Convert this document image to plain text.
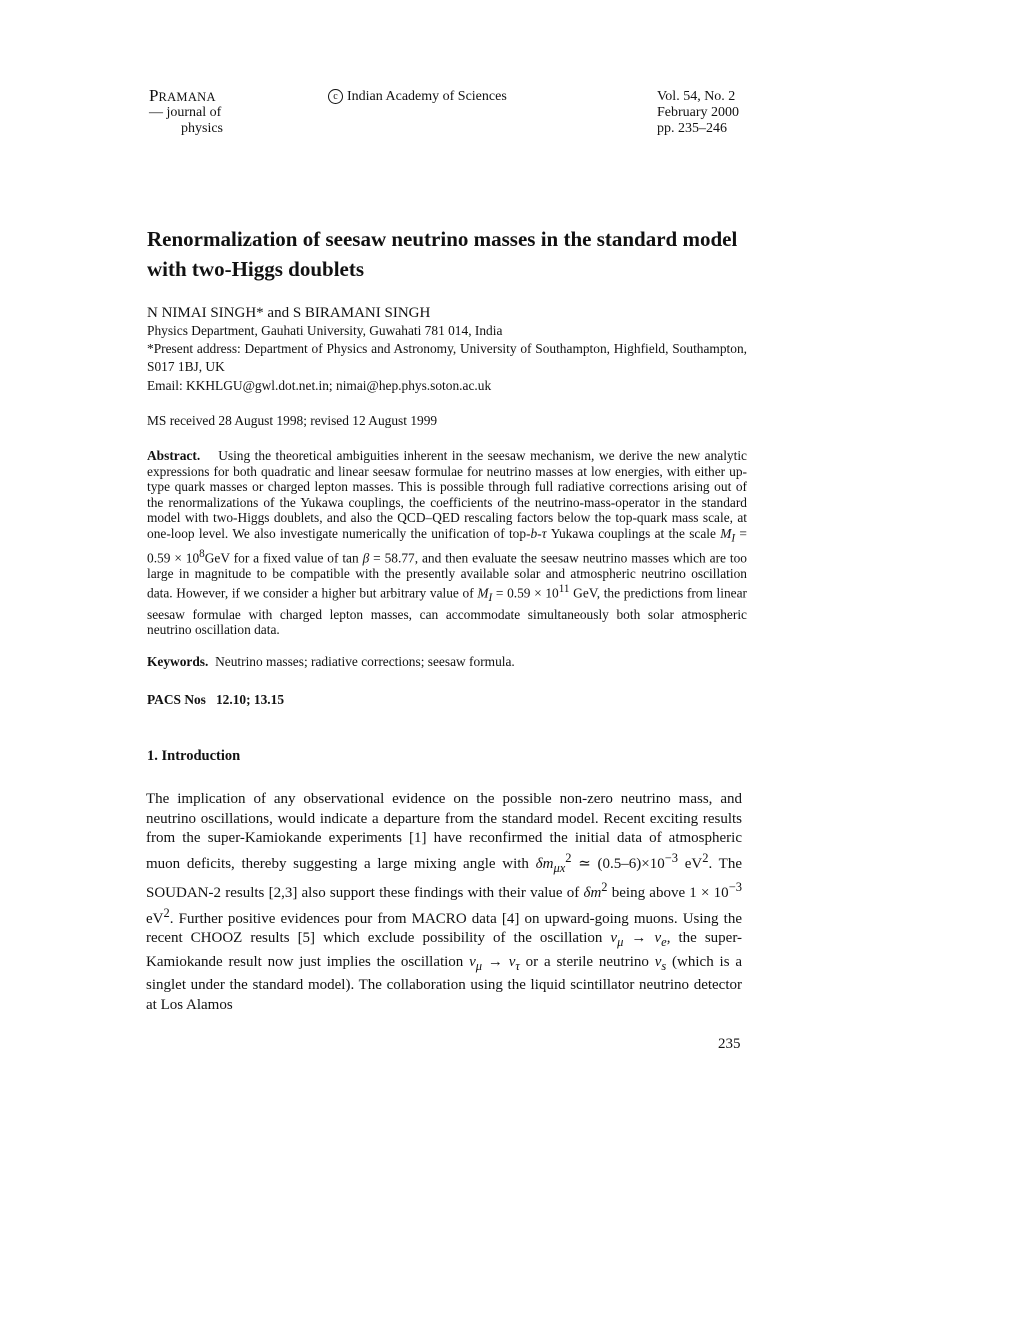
PRAMANA
— journal of
physics
c Indian Academy of Sciences	Vol. 54, No. 2
February 2000
pp. 235–246
Renormalization of seesaw neutrino masses in the standard model with two-Higgs doublets
N NIMAI SINGH* and S BIRAMANI SINGH
Physics Department, Gauhati University, Guwahati 781 014, India
*Present address: Department of Physics and Astronomy, University of Southampton, Highfield, Southampton, S017 1BJ, UK
Email: KKHLGU@gwl.dot.net.in; nimai@hep.phys.soton.ac.uk
MS received 28 August 1998; revised 12 August 1999
Abstract. Using the theoretical ambiguities inherent in the seesaw mechanism, we derive the new analytic expressions for both quadratic and linear seesaw formulae for neutrino masses at low energies, with either up-type quark masses or charged lepton masses. This is possible through full radiative corrections arising out of the renormalizations of the Yukawa couplings, the coefficients of the neutrino-mass-operator in the standard model with two-Higgs doublets, and also the QCD–QED rescaling factors below the top-quark mass scale, at one-loop level. We also investigate numerically the unification of top-b-τ Yukawa couplings at the scale $M_I = 0.59 \times 10^8GeV$ for a fixed value of tan β = 58.77, and then evaluate the seesaw neutrino masses which are too large in magnitude to be compatible with the presently available solar and atmospheric neutrino oscillation data. However, if we consider a higher but arbitrary value of $M_I = 0.59 \times 10^{11}$ GeV, the predictions from linear seesaw formulae with charged lepton masses, can accommodate simultaneously both solar atmospheric neutrino oscillation data.
Keywords. Neutrino masses; radiative corrections; seesaw formula.
PACS Nos 12.10; 13.15
1. Introduction
The implication of any observational evidence on the possible non-zero neutrino mass, and neutrino oscillations, would indicate a departure from the standard model. Recent exciting results from the super-Kamiokande experiments [1] have reconfirmed the initial data of atmospheric muon deficits, thereby suggesting a large mixing angle with $\delta m_{\mu x}^2$ ≃ $(0.5-6)\times 10^{-3}$ $eV^2$. The SOUDAN-2 results [2,3] also support these findings with their value of $\delta m^2$ being above $1 \times 10^{-3}$ $eV^2$. Further positive evidences pour from MACRO data [4] on upward-going muons. Using the recent CHOOZ results [5] which exclude possibility of the oscillation $\nu_\mu \to \nu_e$, the super-Kamiokande result now just implies the oscillation $\nu_\mu \to \nu_\tau$ or a sterile neutrino $\nu_s$ (which is a singlet under the standard model). The collaboration using the liquid scintillator neutrino detector at Los Alamos
235
